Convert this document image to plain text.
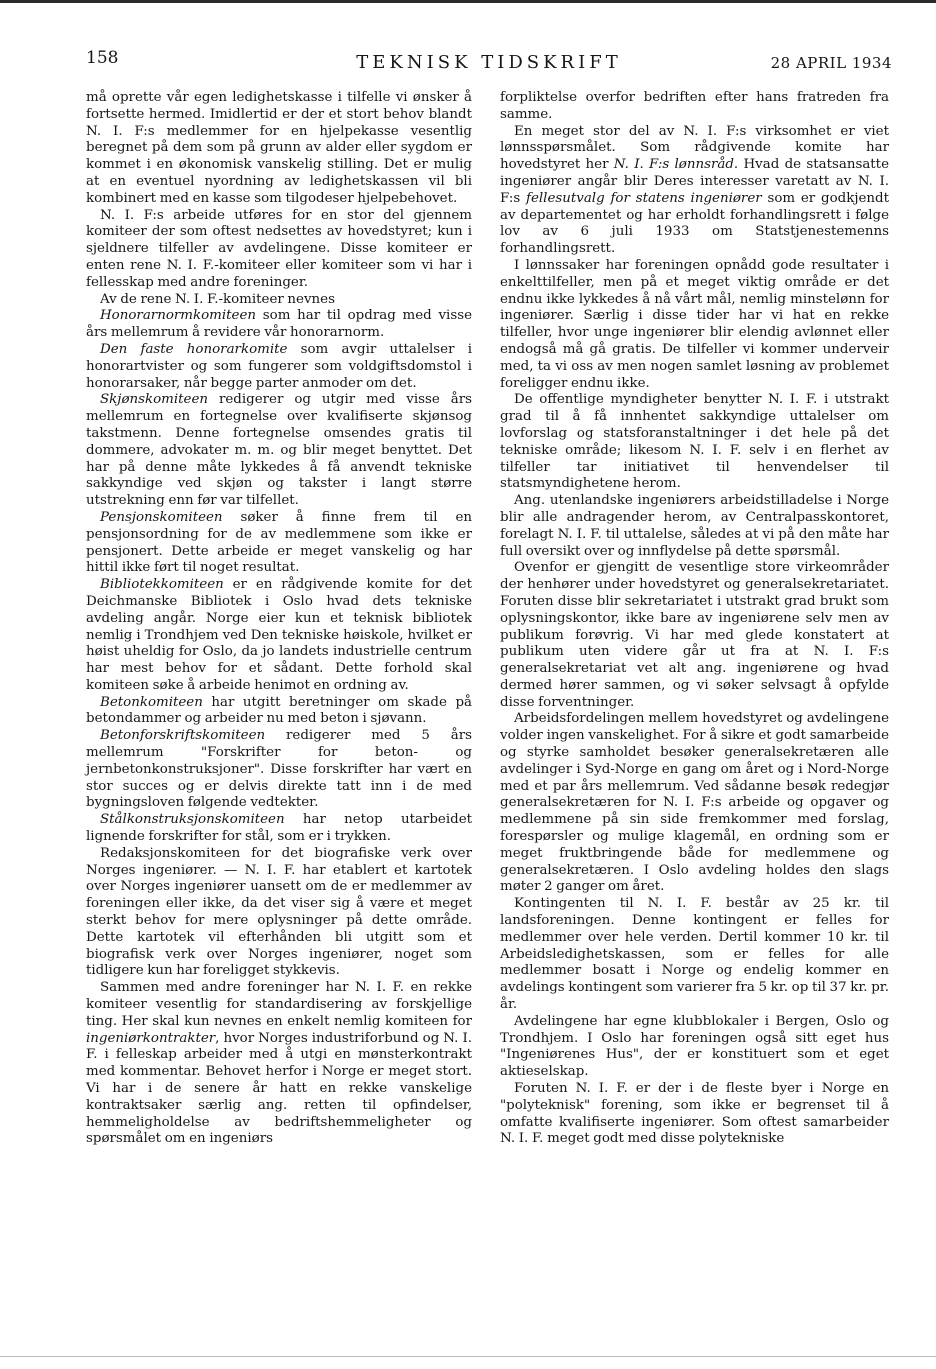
158	TEKNISK TIDSKRIFT	28 APRIL 1934

må oprette vår egen ledighetskasse i tilfelle vi ønsker å fortsette hermed. Imidlertid er der et stort behov blandt N. I. F:s medlemmer for en hjelpekasse vesentlig beregnet på dem som på grunn av alder eller sygdom er kommet i en økonomisk vanskelig stilling. Det er mulig at en eventuel nyordning av ledighetskassen vil bli kombinert med en kasse som tilgodeser hjelpebehovet.

N. I. F:s arbeide utføres for en stor del gjennem komiteer der som oftest nedsettes av hovedstyret; kun i sjeldnere tilfeller av avdelingene. Disse komiteer er enten rene N. I. F.-komiteer eller komiteer som vi har i fellesskap med andre foreninger.

Av de rene N. I. F.-komiteer nevnes

Honorarnormkomiteen som har til opdrag med visse års mellemrum å revidere vår honorarnorm.

Den faste honorarkomite som avgir uttalelser i honorartvister og som fungerer som voldgiftsdomstol i honorarsaker, når begge parter anmoder om det.

Skjønskomiteen redigerer og utgir med visse års mellemrum en fortegnelse over kvalifiserte skjønsog takstmenn. Denne fortegnelse omsendes gratis til dommere, advokater m. m. og blir meget benyttet. Det har på denne måte lykkedes å få anvendt tekniske sakkyndige ved skjøn og takster i langt større utstrekning enn før var tilfellet.

Pensjonskomiteen søker å finne frem til en pensjonsordning for de av medlemmene som ikke er pensjonert. Dette arbeide er meget vanskelig og har hittil ikke ført til noget resultat.

Bibliotekkomiteen er en rådgivende komite for det Deichmanske Bibliotek i Oslo hvad dets tekniske avdeling angår. Norge eier kun et teknisk bibliotek nemlig i Trondhjem ved Den tekniske høiskole, hvilket er høist uheldig for Oslo, da jo landets industrielle centrum har mest behov for et sådant. Dette forhold skal komiteen søke å arbeide henimot en ordning av.

Betonkomiteen har utgitt beretninger om skade på betondammer og arbeider nu med beton i sjøvann.

Betonforskriftskomiteen redigerer med 5 års mellemrum "Forskrifter for beton- og jernbetonkonstruksjoner". Disse forskrifter har vært en stor succes og er delvis direkte tatt inn i de med bygningsloven følgende vedtekter.

Stålkonstruksjonskomiteen har netop utarbeidet lignende forskrifter for stål, som er i trykken.

Redaksjonskomiteen for det biografiske verk over Norges ingeniører. — N. I. F. har etablert et kartotek over Norges ingeniører uansett om de er medlemmer av foreningen eller ikke, da det viser sig å være et meget sterkt behov for mere oplysninger på dette område. Dette kartotek vil efterhånden bli utgitt som et biografisk verk over Norges ingeniører, noget som tidligere kun har foreligget stykkevis.

Sammen med andre foreninger har N. I. F. en rekke komiteer vesentlig for standardisering av forskjellige ting. Her skal kun nevnes en enkelt nemlig komiteen for ingeniørkontrakter, hvor Norges industriforbund og N. I. F. i felleskap arbeider med å utgi en mønsterkontrakt med kommentar. Behovet herfor i Norge er meget stort. Vi har i de senere år hatt en rekke vanskelige kontraktsaker særlig ang. retten til opfindelser, hemmeligholdelse av bedriftshemmeligheter og spørsmålet om en ingeniørs

forpliktelse overfor bedriften efter hans fratreden fra samme.

En meget stor del av N. I. F:s virksomhet er viet lønnsspørsmålet. Som rådgivende komite har hovedstyret her N. I. F:s lønnsråd. Hvad de statsansatte ingeniører angår blir Deres interesser varetatt av N. I. F:s fellesutvalg for statens ingeniører som er godkjendt av departementet og har erholdt forhandlingsrett i følge lov av 6 juli 1933 om Statstjenestemenns forhandlingsrett.

I lønnssaker har foreningen opnådd gode resultater i enkelttilfeller, men på et meget viktig område er det endnu ikke lykkedes å nå vårt mål, nemlig minstelønn for ingeniører. Særlig i disse tider har vi hat en rekke tilfeller, hvor unge ingeniører blir elendig avlønnet eller endogså må gå gratis. De tilfeller vi kommer underveir med, ta vi oss av men nogen samlet løsning av problemet foreligger endnu ikke.

De offentlige myndigheter benytter N. I. F. i utstrakt grad til å få innhentet sakkyndige uttalelser om lovforslag og statsforanstaltninger i det hele på det tekniske område; likesom N. I. F. selv i en flerhet av tilfeller tar initiativet til henvendelser til statsmyndighetene herom.

Ang. utenlandske ingeniørers arbeidstilladelse i Norge blir alle andragender herom, av Centralpasskontoret, forelagt N. I. F. til uttalelse, således at vi på den måte har full oversikt over og innflydelse på dette spørsmål.

Ovenfor er gjengitt de vesentlige store virkeområder der henhører under hovedstyret og generalsekretariatet. Foruten disse blir sekretariatet i utstrakt grad brukt som oplysningskontor, ikke bare av ingeniørene selv men av publikum forøvrig. Vi har med glede konstatert at publikum uten videre går ut fra at N. I. F:s generalsekretariat vet alt ang. ingeniørene og hvad dermed hører sammen, og vi søker selvsagt å opfylde disse forventninger.

Arbeidsfordelingen mellem hovedstyret og avdelingene volder ingen vanskelighet. For å sikre et godt samarbeide og styrke samholdet besøker generalsekretæren alle avdelinger i Syd-Norge en gang om året og i Nord-Norge med et par års mellemrum. Ved sådanne besøk redegjør generalsekretæren for N. I. F:s arbeide og opgaver og medlemmene på sin side fremkommer med forslag, forespørsler og mulige klagemål, en ordning som er meget fruktbringende både for medlemmene og generalsekretæren. I Oslo avdeling holdes den slags møter 2 ganger om året.

Kontingenten til N. I. F. består av 25 kr. til landsforeningen. Denne kontingent er felles for medlemmer over hele verden. Dertil kommer 10 kr. til Arbeidsledighetskassen, som er felles for alle medlemmer bosatt i Norge og endelig kommer en avdelings kontingent som varierer fra 5 kr. op til 37 kr. pr. år.

Avdelingene har egne klubblokaler i Bergen, Oslo og Trondhjem. I Oslo har foreningen også sitt eget hus "Ingeniørenes Hus", der er konstituert som et eget aktieselskap.

Foruten N. I. F. er der i de fleste byer i Norge en "polyteknisk" forening, som ikke er begrenset til å omfatte kvalifiserte ingeniører. Som oftest samarbeider N. I. F. meget godt med disse polytekniske
